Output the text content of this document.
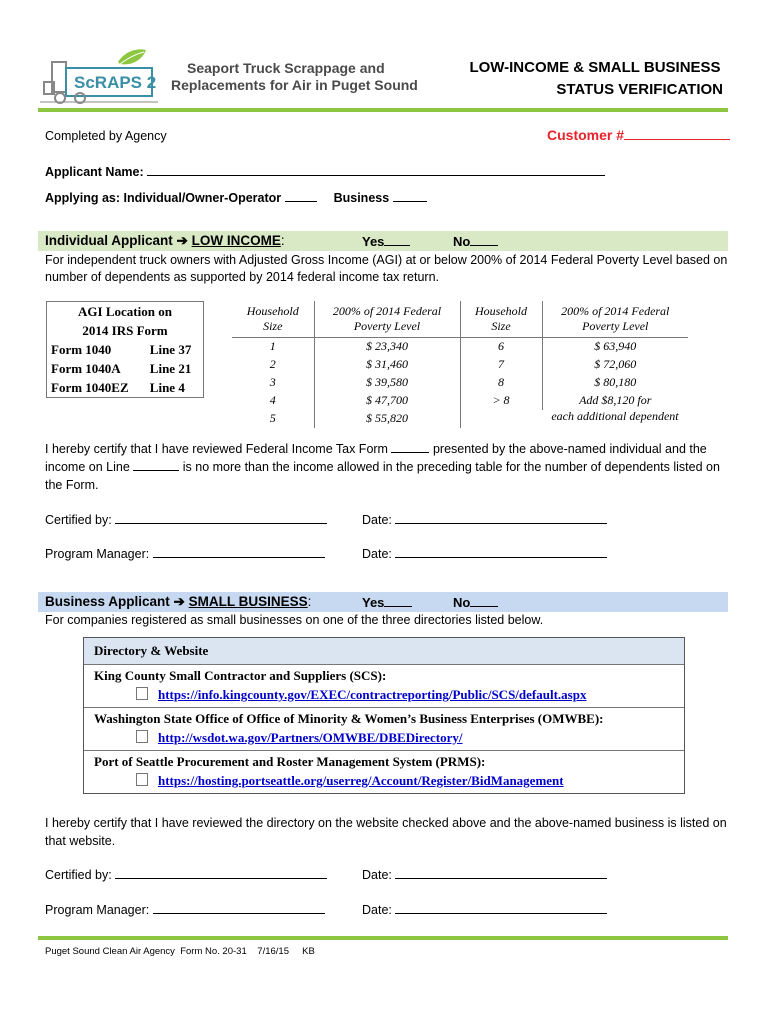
ScRAPS 2
Seaport Truck Scrappage and
Replacements for Air in Puget Sound
LOW-INCOME & SMALL BUSINESS
STATUS VERIFICATION
Completed by Agency	Customer #
Applicant Name:
Applying as: Individual/Owner-Operator	Business
Individual Applicant ➔ LOW INCOME:	Yes	No
For independent truck owners with Adjusted Gross Income (AGI) at or below 200% of 2014 Federal Poverty Level based on number of dependents as supported by 2014 federal income tax return.
AGI Location on	
2014 IRS Form	
Form 1040	Line 37
Form 1040A	Line 21
Form 1040EZ	Line 4
Household
Size	200% of 2014 Federal
Poverty Level	Household
Size	200% of 2014 Federal
Poverty Level
1	$ 23,340	6	$ 63,940
2	$ 31,460	7	$ 72,060
3	$ 39,580	8	$ 80,180
4	$ 47,700	> 8	Add $8,120 for
5	$ 55,820		each additional dependent
I hereby certify that I have reviewed Federal Income Tax Form	presented by the above-named individual and the income on Line	is no more than the income allowed in the preceding table for the number of dependents listed on the Form.
Certified by:	Date:
Program Manager:	Date:
Business Applicant ➔ SMALL BUSINESS:	Yes	No
For companies registered as small businesses on one of the three directories listed below.
Directory & Website
King County Small Contractor and Suppliers (SCS):
https://info.kingcounty.gov/EXEC/contractreporting/Public/SCS/default.aspx
Washington State Office of Office of Minority & Women’s Business Enterprises (OMWBE):
http://wsdot.wa.gov/Partners/OMWBE/DBEDirectory/
Port of Seattle Procurement and Roster Management System (PRMS):
https://hosting.portseattle.org/userreg/Account/Register/BidManagement
I hereby certify that I have reviewed the directory on the website checked above and the above-named business is listed on that website.
Certified by:	Date:
Program Manager:	Date:
Puget Sound Clean Air Agency  Form No. 20-31    7/16/15     KB
